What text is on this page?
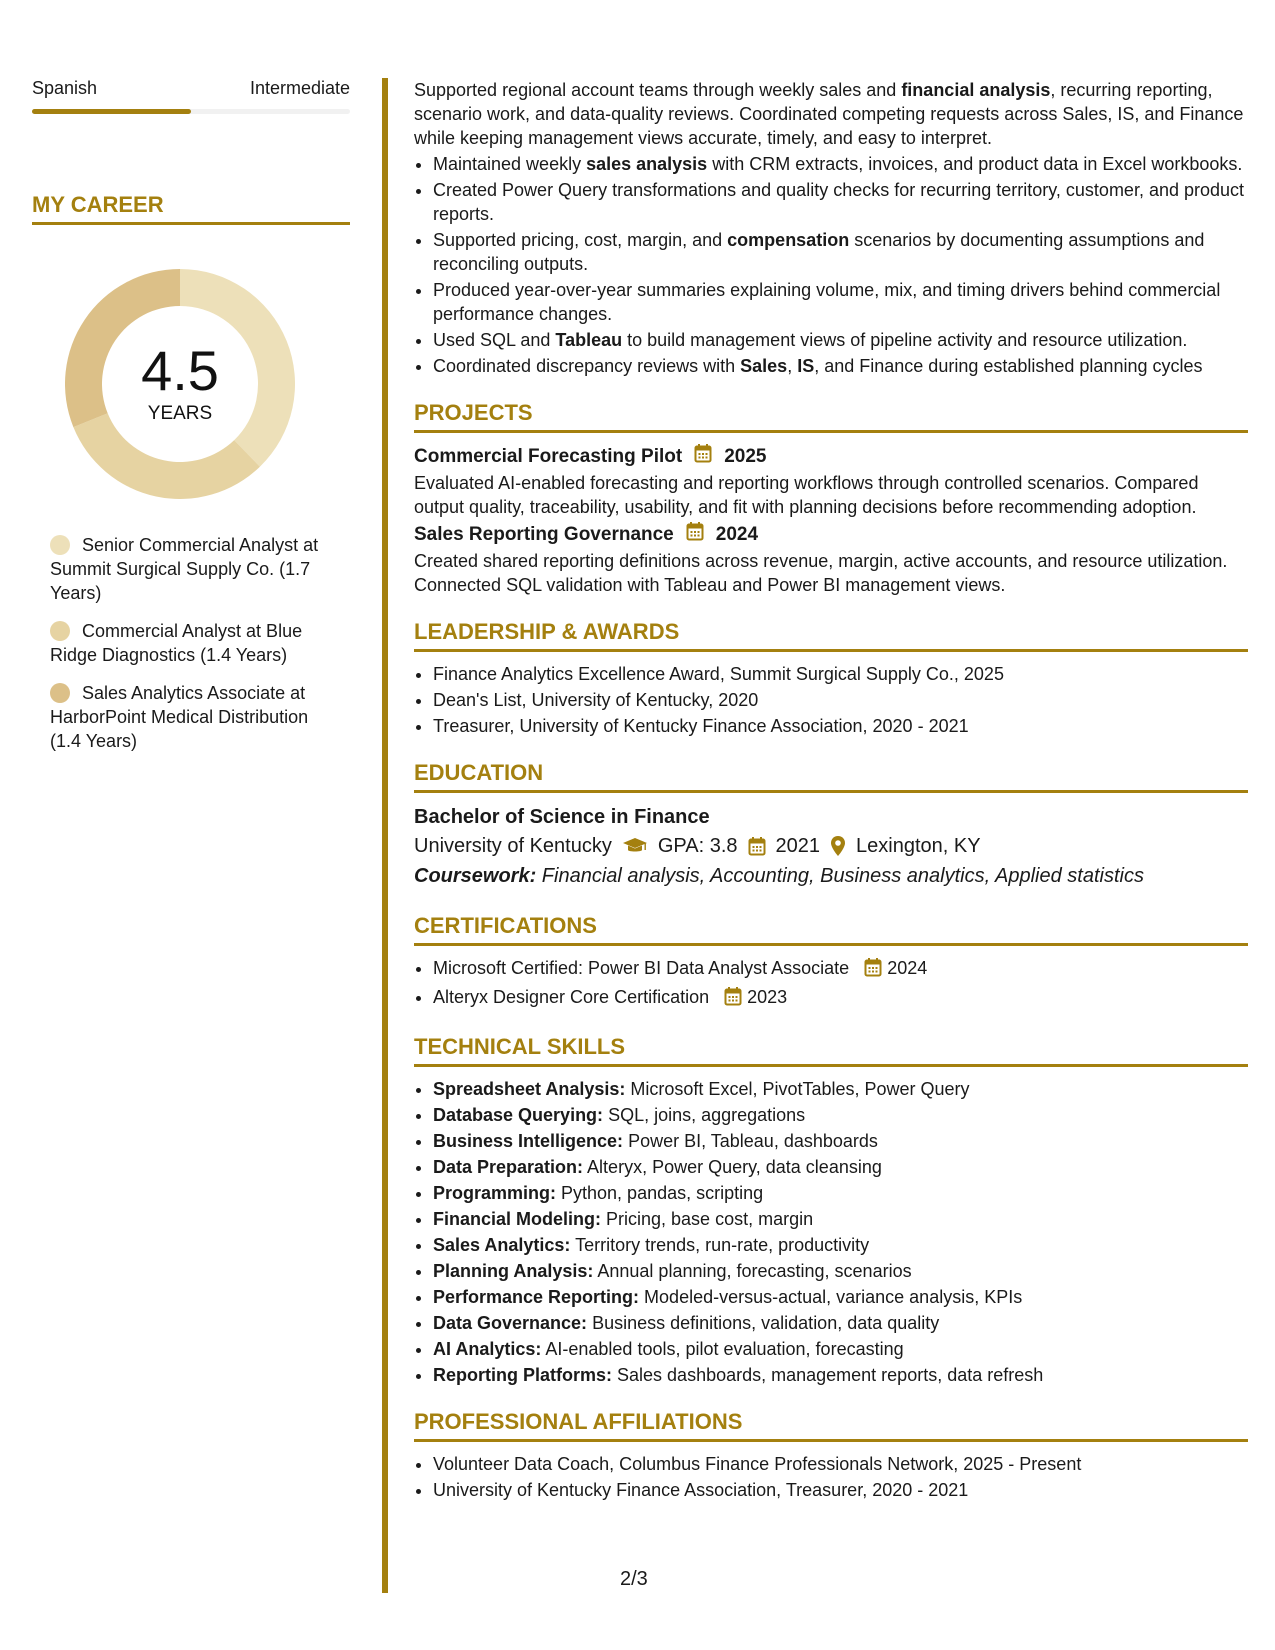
Spanish	Intermediate
MY CAREER
4.5
YEARS
Senior Commercial Analyst at Summit Surgical Supply Co. (1.7 Years)
Commercial Analyst at Blue Ridge Diagnostics (1.4 Years)
Sales Analytics Associate at HarborPoint Medical Distribution (1.4 Years)

Supported regional account teams through weekly sales and financial analysis, recurring reporting, scenario work, and data-quality reviews. Coordinated competing requests across Sales, IS, and Finance while keeping management views accurate, timely, and easy to interpret.

• Maintained weekly sales analysis with CRM extracts, invoices, and product data in Excel workbooks.
• Created Power Query transformations and quality checks for recurring territory, customer, and product reports.
• Supported pricing, cost, margin, and compensation scenarios by documenting assumptions and reconciling outputs.
• Produced year-over-year summaries explaining volume, mix, and timing drivers behind commercial performance changes.
• Used SQL and Tableau to build management views of pipeline activity and resource utilization.
• Coordinated discrepancy reviews with Sales, IS, and Finance during established planning cycles
PROJECTS
Commercial Forecasting Pilot 2025

Evaluated AI-enabled forecasting and reporting workflows through controlled scenarios. Compared output quality, traceability, usability, and fit with planning decisions before recommending adoption.

Sales Reporting Governance 2024

Created shared reporting definitions across revenue, margin, active accounts, and resource utilization. Connected SQL validation with Tableau and Power BI management views.

LEADERSHIP & AWARDS
• Finance Analytics Excellence Award, Summit Surgical Supply Co., 2025
• Dean's List, University of Kentucky, 2020
• Treasurer, University of Kentucky Finance Association, 2020 - 2021
EDUCATION
Bachelor of Science in Finance
University of Kentucky GPA: 3.8 2021 Lexington, KY
Coursework: Financial analysis, Accounting, Business analytics, Applied statistics
CERTIFICATIONS
• Microsoft Certified: Power BI Data Analyst Associate 2024
• Alteryx Designer Core Certification 2023
TECHNICAL SKILLS
• Spreadsheet Analysis: Microsoft Excel, PivotTables, Power Query
• Database Querying: SQL, joins, aggregations
• Business Intelligence: Power BI, Tableau, dashboards
• Data Preparation: Alteryx, Power Query, data cleansing
• Programming: Python, pandas, scripting
• Financial Modeling: Pricing, base cost, margin
• Sales Analytics: Territory trends, run-rate, productivity
• Planning Analysis: Annual planning, forecasting, scenarios
• Performance Reporting: Modeled-versus-actual, variance analysis, KPIs
• Data Governance: Business definitions, validation, data quality
• AI Analytics: AI-enabled tools, pilot evaluation, forecasting
• Reporting Platforms: Sales dashboards, management reports, data refresh
PROFESSIONAL AFFILIATIONS
• Volunteer Data Coach, Columbus Finance Professionals Network, 2025 - Present
• University of Kentucky Finance Association, Treasurer, 2020 - 2021
2/3
